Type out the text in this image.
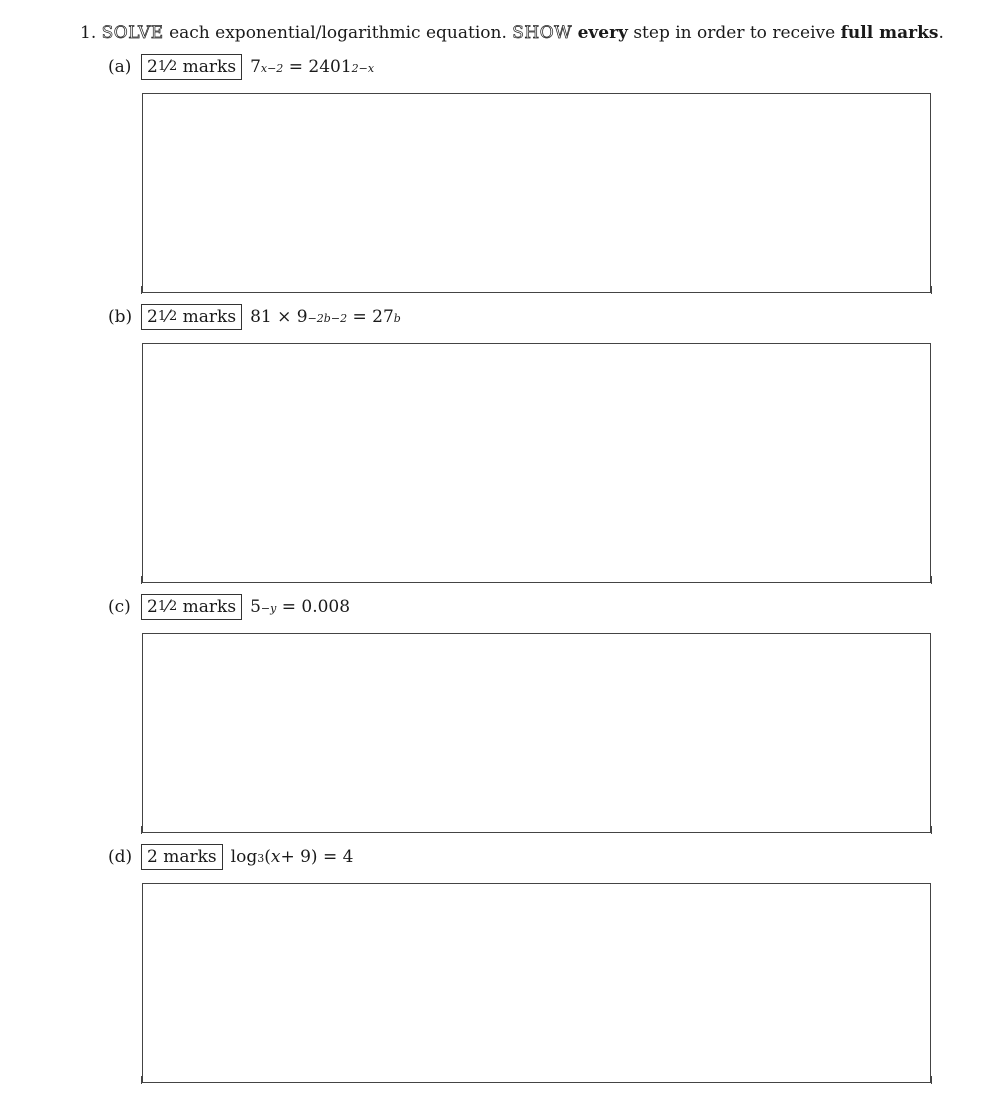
1. SOLVE each exponential/logarithmic equation. SHOW every step in order to receive full marks.
(a) 2 1 ⁄ 2
marks 7 x−2
=
2401 2−x
(b) 2 1 ⁄ 2
marks 81
×
9 −2b−2
=
27 b
(c) 2 1 ⁄ 2
marks 5 −y
=
0.008
(d) 2 marks log 3 ( x + 9)
=
4
